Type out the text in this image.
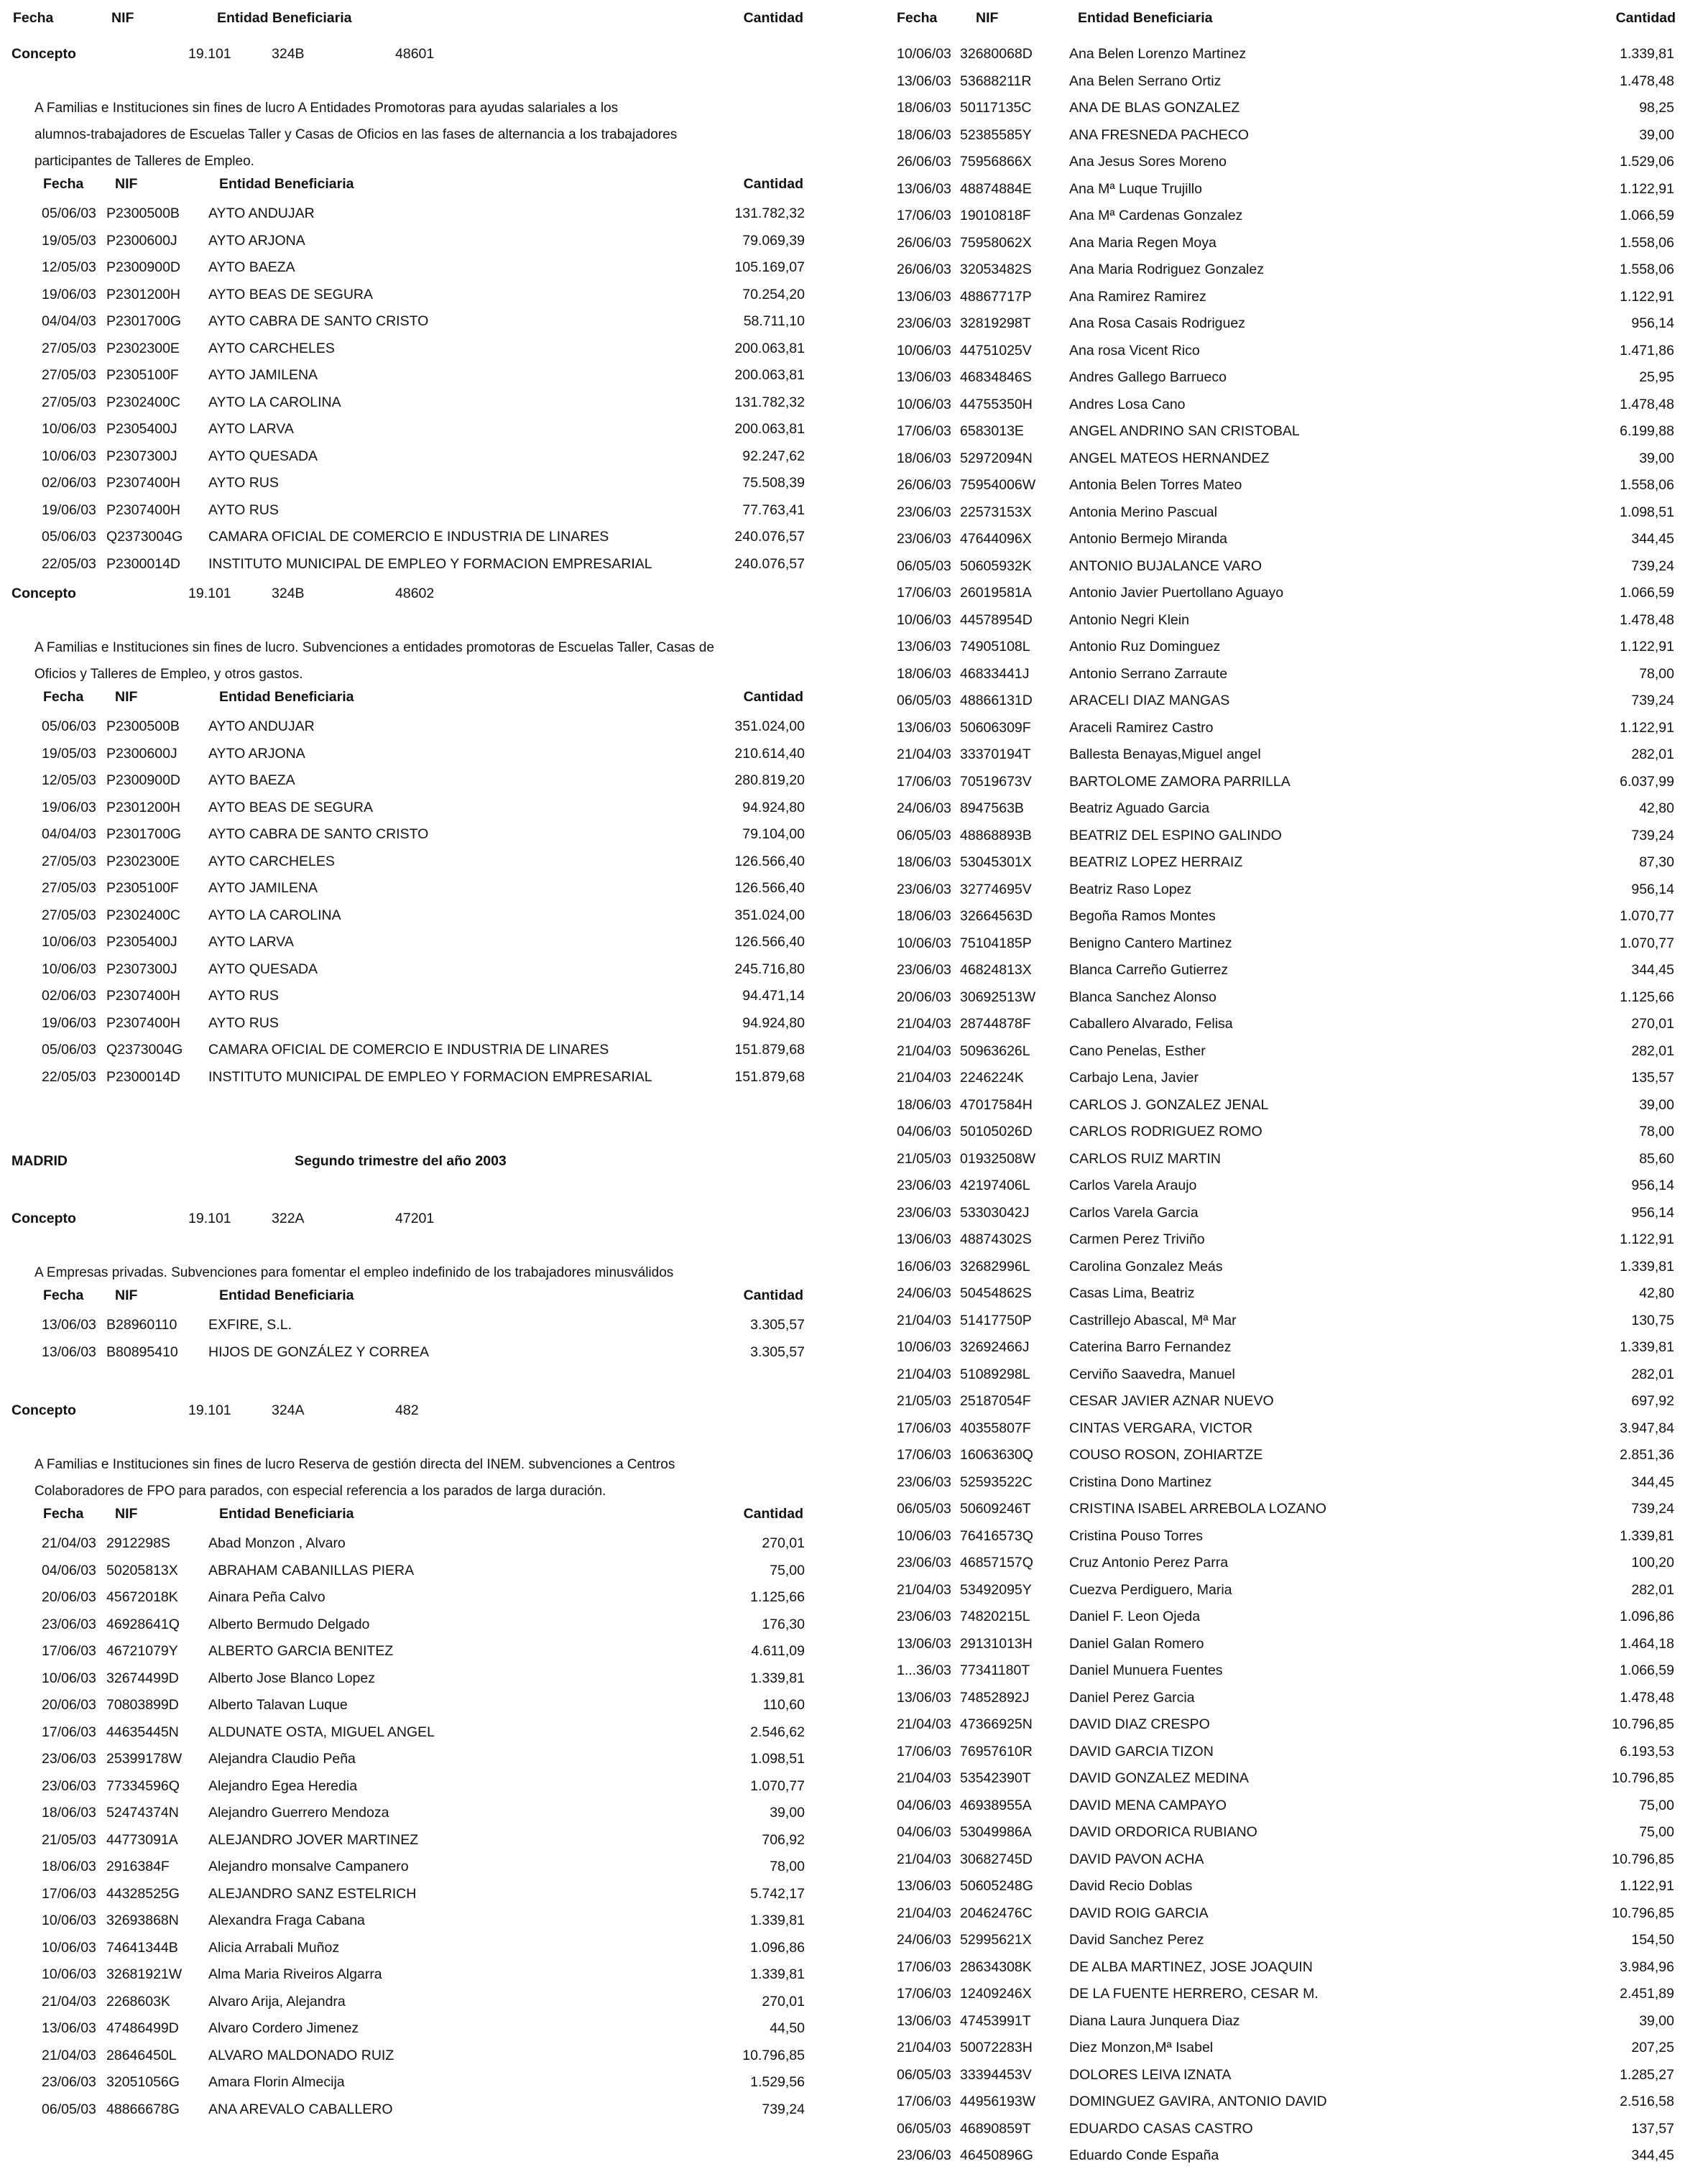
Fecha	NIF	Entidad Beneficiaria	Cantidad
Concepto	19.101	324B	48601
A Familias e Instituciones sin fines de lucro A Entidades Promotoras para ayudas salariales a los
alumnos-trabajadores de Escuelas Taller y Casas de Oficios en las fases de alternancia a los trabajadores
participantes de Talleres de Empleo.
Fecha NIF	Entidad Beneficiaria	Cantidad
05/06/03 P2300500B AYTO ANDUJAR	131.782,32
19/05/03 P2300600J AYTO ARJONA	79.069,39
12/05/03 P2300900D AYTO BAEZA	105.169,07
19/06/03 P2301200H AYTO BEAS DE SEGURA	70.254,20
04/04/03 P2301700G AYTO CABRA DE SANTO CRISTO	58.711,10
27/05/03 P2302300E AYTO CARCHELES	200.063,81
27/05/03 P2305100F AYTO JAMILENA	200.063,81
27/05/03 P2302400C AYTO LA CAROLINA	131.782,32
10/06/03 P2305400J AYTO LARVA	200.063,81
10/06/03 P2307300J AYTO QUESADA	92.247,62
02/06/03 P2307400H AYTO RUS	75.508,39
19/06/03 P2307400H AYTO RUS	77.763,41
05/06/03 Q2373004G CAMARA OFICIAL DE COMERCIO E INDUSTRIA DE LINARES	240.076,57
22/05/03 P2300014D INSTITUTO MUNICIPAL DE EMPLEO Y FORMACION EMPRESARIAL	240.076,57
Concepto	19.101	324B	48602
A Familias e Instituciones sin fines de lucro. Subvenciones a entidades promotoras de Escuelas Taller, Casas de
Oficios y Talleres de Empleo, y otros gastos.
Fecha NIF	Entidad Beneficiaria	Cantidad
05/06/03 P2300500B AYTO ANDUJAR	351.024,00
19/05/03 P2300600J AYTO ARJONA	210.614,40
12/05/03 P2300900D AYTO BAEZA	280.819,20
19/06/03 P2301200H AYTO BEAS DE SEGURA	94.924,80
04/04/03 P2301700G AYTO CABRA DE SANTO CRISTO	79.104,00
27/05/03 P2302300E AYTO CARCHELES	126.566,40
27/05/03 P2305100F AYTO JAMILENA	126.566,40
27/05/03 P2302400C AYTO LA CAROLINA	351.024,00
10/06/03 P2305400J AYTO LARVA	126.566,40
10/06/03 P2307300J AYTO QUESADA	245.716,80
02/06/03 P2307400H AYTO RUS	94.471,14
19/06/03 P2307400H AYTO RUS	94.924,80
05/06/03 Q2373004G CAMARA OFICIAL DE COMERCIO E INDUSTRIA DE LINARES	151.879,68
22/05/03 P2300014D INSTITUTO MUNICIPAL DE EMPLEO Y FORMACION EMPRESARIAL	151.879,68
MADRID	Segundo trimestre del año 2003
Concepto	19.101	322A	47201
A Empresas privadas. Subvenciones para fomentar el empleo indefinido de los trabajadores minusválidos
Fecha NIF	Entidad Beneficiaria	Cantidad
13/06/03 B28960110 EXFIRE, S.L.	3.305,57
13/06/03 B80895410 HIJOS DE GONZÁLEZ Y CORREA	3.305,57
Concepto	19.101	324A	482
A Familias e Instituciones sin fines de lucro Reserva de gestión directa del INEM. subvenciones a Centros
Colaboradores de FPO para parados, con especial referencia a los parados de larga duración.
Fecha NIF	Entidad Beneficiaria	Cantidad
21/04/03 2912298S	Abad Monzon , Alvaro	270,01
04/06/03 50205813X ABRAHAM CABANILLAS PIERA	75,00
20/06/03 45672018K Ainara Peña Calvo	1.125,66
23/06/03 46928641Q Alberto Bermudo Delgado	176,30
17/06/03 46721079Y ALBERTO GARCIA BENITEZ	4.611,09
10/06/03 32674499D Alberto Jose Blanco Lopez	1.339,81
20/06/03 70803899D Alberto Talavan Luque	110,60
17/06/03 44635445N ALDUNATE OSTA, MIGUEL ANGEL	2.546,62
23/06/03 25399178W Alejandra Claudio Peña	1.098,51
23/06/03 77334596Q Alejandro Egea Heredia	1.070,77
18/06/03 52474374N Alejandro Guerrero Mendoza	39,00
21/05/03 44773091A ALEJANDRO JOVER MARTINEZ	706,92
18/06/03 2916384F	Alejandro monsalve Campanero	78,00
17/06/03 44328525G ALEJANDRO SANZ ESTELRICH	5.742,17
10/06/03 32693868N Alexandra Fraga Cabana	1.339,81
10/06/03 74641344B Alicia Arrabali Muñoz	1.096,86
10/06/03 32681921W Alma Maria Riveiros Algarra	1.339,81
21/04/03 2268603K	Alvaro Arija, Alejandra	270,01
13/06/03 47486499D Alvaro Cordero Jimenez	44,50
21/04/03 28646450L ALVARO MALDONADO RUIZ	10.796,85
23/06/03 32051056G Amara Florin Almecija	1.529,56
06/05/03 48866678G ANA AREVALO CABALLERO	739,24
Fecha	NIF	Entidad Beneficiaria	Cantidad
10/06/03 32680068D	Ana Belen Lorenzo Martinez	1.339,81
13/06/03 53688211R	Ana Belen Serrano Ortiz	1.478,48
18/06/03 50117135C	ANA DE BLAS GONZALEZ	98,25
18/06/03 52385585Y	ANA FRESNEDA PACHECO	39,00
26/06/03 75956866X	Ana Jesus Sores Moreno	1.529,06
13/06/03 48874884E	Ana Mª Luque Trujillo	1.122,91
17/06/03 19010818F	Ana Mª Cardenas Gonzalez	1.066,59
26/06/03 75958062X	Ana Maria Regen Moya	1.558,06
26/06/03 32053482S	Ana Maria Rodriguez Gonzalez	1.558,06
13/06/03 48867717P	Ana Ramirez Ramirez	1.122,91
23/06/03 32819298T	Ana Rosa Casais Rodriguez	956,14
10/06/03 44751025V	Ana rosa Vicent Rico	1.471,86
13/06/03 46834846S	Andres Gallego Barrueco	25,95
10/06/03 44755350H	Andres Losa Cano	1.478,48
17/06/03 6583013E	ANGEL ANDRINO SAN CRISTOBAL	6.199,88
18/06/03 52972094N	ANGEL MATEOS HERNANDEZ	39,00
26/06/03 75954006W Antonia Belen Torres Mateo	1.558,06
23/06/03 22573153X	Antonia Merino Pascual	1.098,51
23/06/03 47644096X	Antonio Bermejo Miranda	344,45
06/05/03 50605932K	ANTONIO BUJALANCE VARO	739,24
17/06/03 26019581A	Antonio Javier Puertollano Aguayo	1.066,59
10/06/03 44578954D	Antonio Negri Klein	1.478,48
13/06/03 74905108L	Antonio Ruz Dominguez	1.122,91
18/06/03 46833441J	Antonio Serrano Zarraute	78,00
06/05/03 48866131D	ARACELI DIAZ MANGAS	739,24
13/06/03 50606309F	Araceli Ramirez Castro	1.122,91
21/04/03 33370194T	Ballesta Benayas,Miguel angel	282,01
17/06/03 70519673V	BARTOLOME ZAMORA PARRILLA	6.037,99
24/06/03 8947563B	Beatriz Aguado Garcia	42,80
06/05/03 48868893B	BEATRIZ DEL ESPINO GALINDO	739,24
18/06/03 53045301X	BEATRIZ LOPEZ HERRAIZ	87,30
23/06/03 32774695V	Beatriz Raso Lopez	956,14
18/06/03 32664563D	Begoña Ramos Montes	1.070,77
10/06/03 75104185P	Benigno Cantero Martinez	1.070,77
23/06/03 46824813X	Blanca Carreño Gutierrez	344,45
20/06/03 30692513W Blanca Sanchez Alonso	1.125,66
21/04/03 28744878F	Caballero Alvarado, Felisa	270,01
21/04/03 50963626L	Cano Penelas, Esther	282,01
21/04/03 2246224K	Carbajo Lena, Javier	135,57
18/06/03 47017584H	CARLOS J. GONZALEZ JENAL	39,00
04/06/03 50105026D	CARLOS RODRIGUEZ ROMO	78,00
21/05/03 01932508W CARLOS RUIZ MARTIN	85,60
23/06/03 42197406L	Carlos Varela Araujo	956,14
23/06/03 53303042J	Carlos Varela Garcia	956,14
13/06/03 48874302S	Carmen Perez Triviño	1.122,91
16/06/03 32682996L	Carolina Gonzalez Meás	1.339,81
24/06/03 50454862S	Casas Lima, Beatriz	42,80
21/04/03 51417750P	Castrillejo Abascal, Mª Mar	130,75
10/06/03 32692466J	Caterina Barro Fernandez	1.339,81
21/04/03 51089298L	Cerviño Saavedra, Manuel	282,01
21/05/03 25187054F	CESAR JAVIER AZNAR NUEVO	697,92
17/06/03 40355807F	CINTAS VERGARA, VICTOR	3.947,84
17/06/03 16063630Q	COUSO ROSON, ZOHIARTZE	2.851,36
23/06/03 52593522C	Cristina Dono Martinez	344,45
06/05/03 50609246T	CRISTINA ISABEL ARREBOLA LOZANO	739,24
10/06/03 76416573Q	Cristina Pouso Torres	1.339,81
23/06/03 46857157Q	Cruz Antonio Perez Parra	100,20
21/04/03 53492095Y	Cuezva Perdiguero, Maria	282,01
23/06/03 74820215L	Daniel F. Leon Ojeda	1.096,86
13/06/03 29131013H	Daniel Galan Romero	1.464,18
1...36/03 77341180T	Daniel Munuera Fuentes	1.066,59
13/06/03 74852892J	Daniel Perez Garcia	1.478,48
21/04/03 47366925N	DAVID DIAZ CRESPO	10.796,85
17/06/03 76957610R	DAVID GARCIA TIZON	6.193,53
21/04/03 53542390T	DAVID GONZALEZ MEDINA	10.796,85
04/06/03 46938955A	DAVID MENA CAMPAYO	75,00
04/06/03 53049986A	DAVID ORDORICA RUBIANO	75,00
21/04/03 30682745D	DAVID PAVON ACHA	10.796,85
13/06/03 50605248G	David Recio Doblas	1.122,91
21/04/03 20462476C	DAVID ROIG GARCIA	10.796,85
24/06/03 52995621X	David Sanchez Perez	154,50
17/06/03 28634308K	DE ALBA MARTINEZ, JOSE JOAQUIN	3.984,96
17/06/03 12409246X	DE LA FUENTE HERRERO, CESAR M.	2.451,89
13/06/03 47453991T	Diana Laura Junquera Diaz	39,00
21/04/03 50072283H	Diez Monzon,Mª Isabel	207,25
06/05/03 33394453V	DOLORES LEIVA IZNATA	1.285,27
17/06/03 44956193W DOMINGUEZ GAVIRA, ANTONIO DAVID	2.516,58
06/05/03 46890859T	EDUARDO CASAS CASTRO	137,57
23/06/03 46450896G	Eduardo Conde España	344,45
